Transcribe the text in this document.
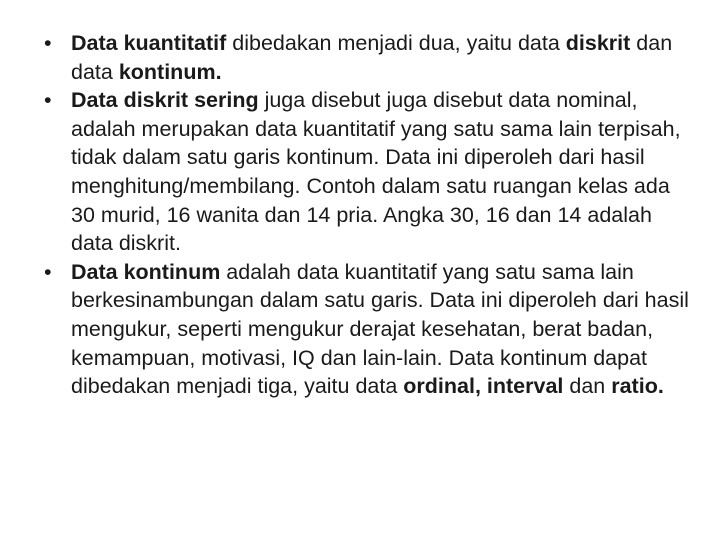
• Data kuantitatif dibedakan menjadi dua, yaitu data diskrit dan data kontinum.
• Data diskrit sering juga disebut juga disebut data nominal, adalah merupakan data kuantitatif yang satu sama lain terpisah, tidak dalam satu garis kontinum. Data ini diperoleh dari hasil menghitung/membilang. Contoh dalam satu ruangan kelas ada 30 murid, 16 wanita dan 14 pria. Angka 30, 16 dan 14 adalah data diskrit.
• Data kontinum adalah data kuantitatif yang satu sama lain berkesinambungan dalam satu garis. Data ini diperoleh dari hasil mengukur, seperti mengukur derajat kesehatan, berat badan, kemampuan, motivasi, IQ dan lain-lain. Data kontinum dapat dibedakan menjadi tiga, yaitu data ordinal, interval dan ratio.
